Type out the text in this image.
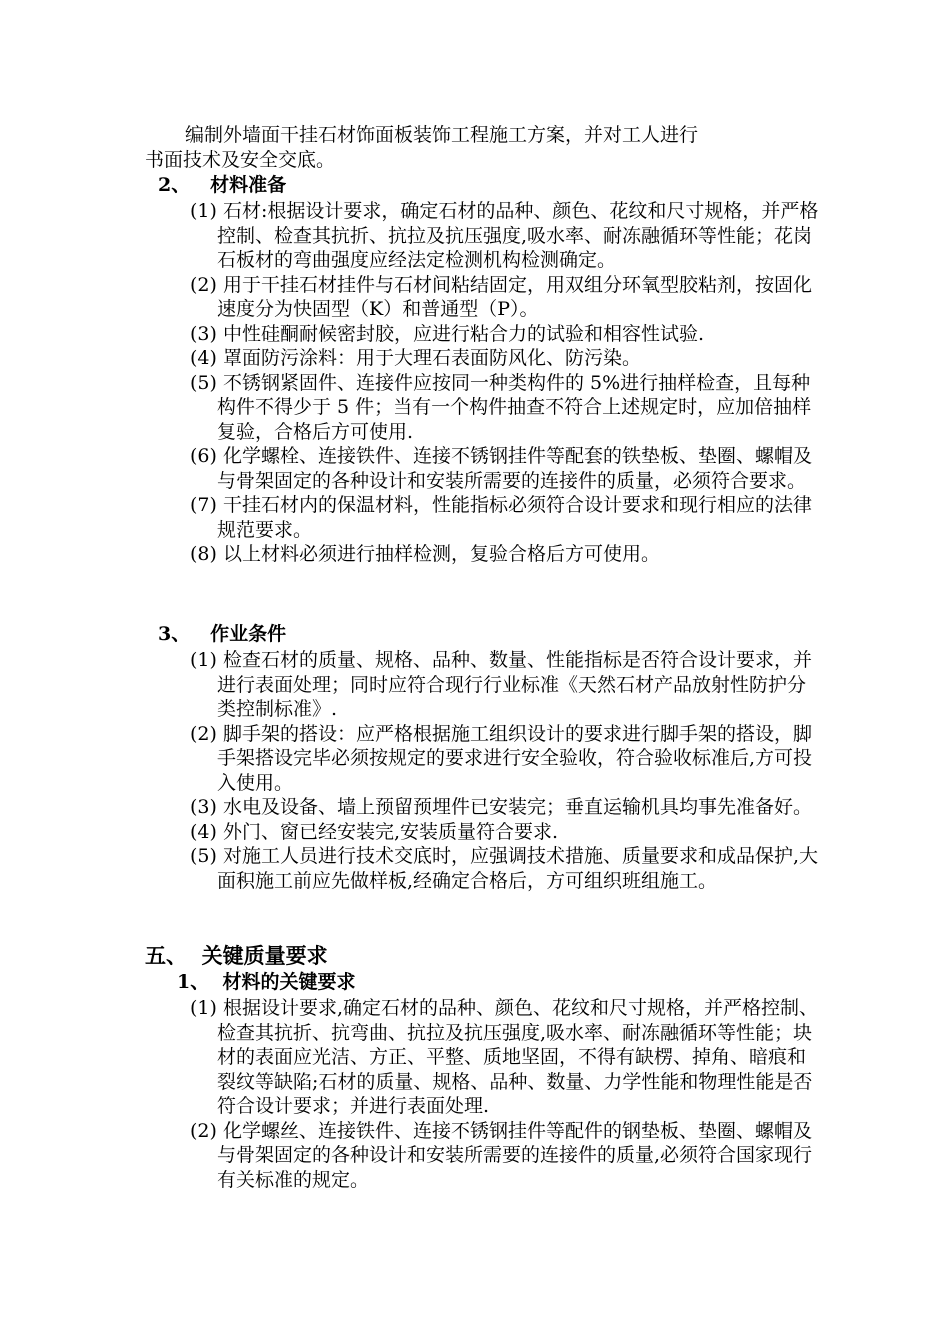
编制外墙面干挂石材饰面板装饰工程施工方案，并对工人进行
书面技术及安全交底。
2、 材料准备
(1) 石材:根据设计要求，确定石材的品种、颜色、花纹和尺寸规格，并严格控制、检查其抗折、抗拉及抗压强度,吸水率、耐冻融循环等性能；花岗石板材的弯曲强度应经法定检测机构检测确定。
(2) 用于干挂石材挂件与石材间粘结固定，用双组分环氧型胶粘剂，按固化速度分为快固型（K）和普通型（P）。
(3) 中性硅酮耐候密封胶，应进行粘合力的试验和相容性试验.
(4) 罩面防污涂料：用于大理石表面防风化、防污染。
(5) 不锈钢紧固件、连接件应按同一种类构件的 5%进行抽样检查，且每种构件不得少于 5 件；当有一个构件抽查不符合上述规定时，应加倍抽样复验，合格后方可使用.
(6) 化学螺栓、连接铁件、连接不锈钢挂件等配套的铁垫板、垫圈、螺帽及与骨架固定的各种设计和安装所需要的连接件的质量，必须符合要求。
(7) 干挂石材内的保温材料，性能指标必须符合设计要求和现行相应的法律规范要求。
(8) 以上材料必须进行抽样检测，复验合格后方可使用。
3、 作业条件
(1) 检查石材的质量、规格、品种、数量、性能指标是否符合设计要求，并进行表面处理；同时应符合现行行业标准《天然石材产品放射性防护分类控制标准》.
(2) 脚手架的搭设：应严格根据施工组织设计的要求进行脚手架的搭设，脚手架搭设完毕必须按规定的要求进行安全验收，符合验收标准后,方可投入使用。
(3) 水电及设备、墙上预留预埋件已安装完；垂直运输机具均事先准备好。
(4) 外门、窗已经安装完,安装质量符合要求.
(5) 对施工人员进行技术交底时，应强调技术措施、质量要求和成品保护,大面积施工前应先做样板,经确定合格后，方可组织班组施工。
五、 关键质量要求
1、 材料的关键要求
(1) 根据设计要求,确定石材的品种、颜色、花纹和尺寸规格，并严格控制、检查其抗折、抗弯曲、抗拉及抗压强度,吸水率、耐冻融循环等性能；块材的表面应光洁、方正、平整、质地坚固，不得有缺楞、掉角、暗痕和裂纹等缺陷;石材的质量、规格、品种、数量、力学性能和物理性能是否符合设计要求；并进行表面处理.
(2) 化学螺丝、连接铁件、连接不锈钢挂件等配件的钢垫板、垫圈、螺帽及与骨架固定的各种设计和安装所需要的连接件的质量,必须符合国家现行有关标准的规定。
